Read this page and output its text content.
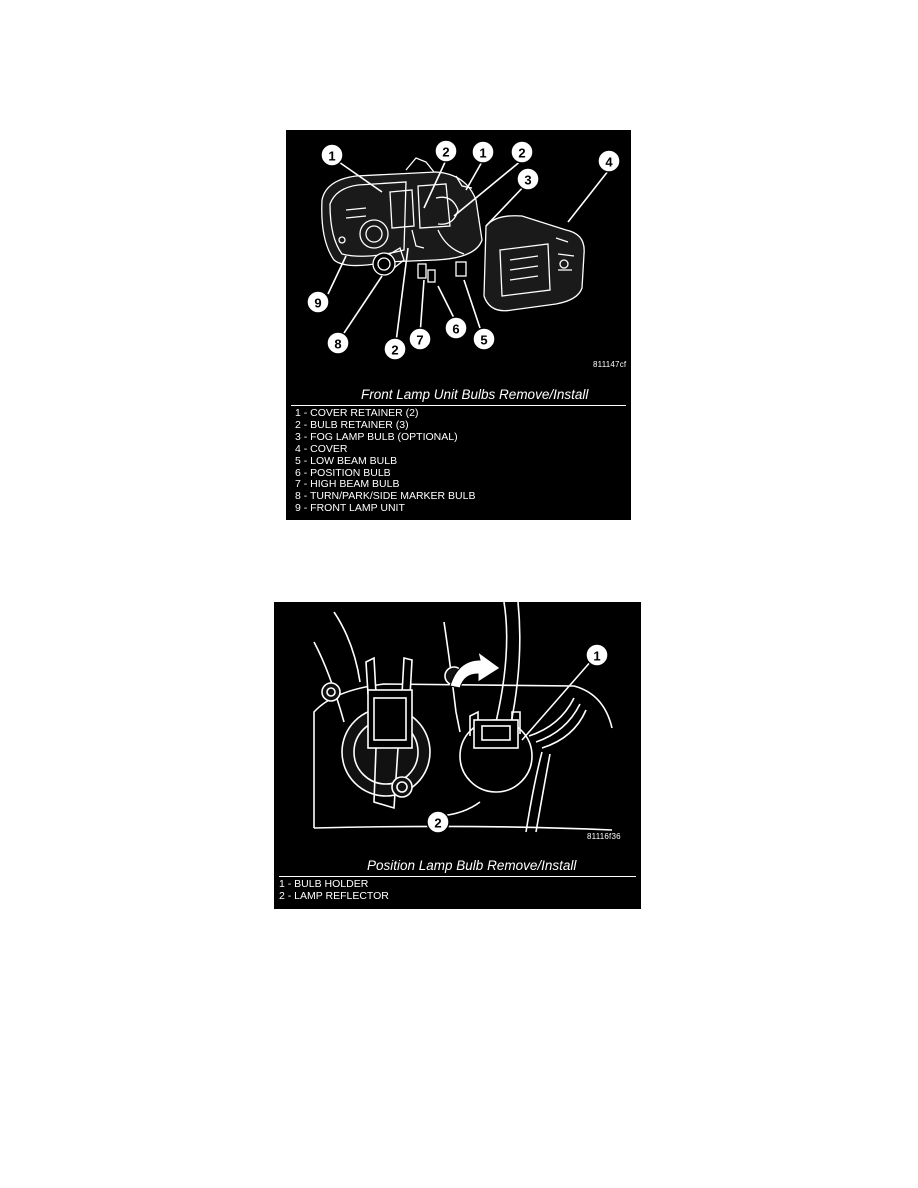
1	2 1 2
3
4
9
8	2
7
6
5
811147cf
Front Lamp Unit Bulbs Remove/Install
1 - COVER RETAINER (2)
2 - BULB RETAINER (3)
3 - FOG LAMP BULB (OPTIONAL)
4 - COVER
5 - LOW BEAM BULB
6 - POSITION BULB
7 - HIGH BEAM BULB
8 - TURN/PARK/SIDE MARKER BULB
9 - FRONT LAMP UNIT
1
2
81116f36
Position Lamp Bulb Remove/Install
1 - BULB HOLDER
2 - LAMP REFLECTOR
